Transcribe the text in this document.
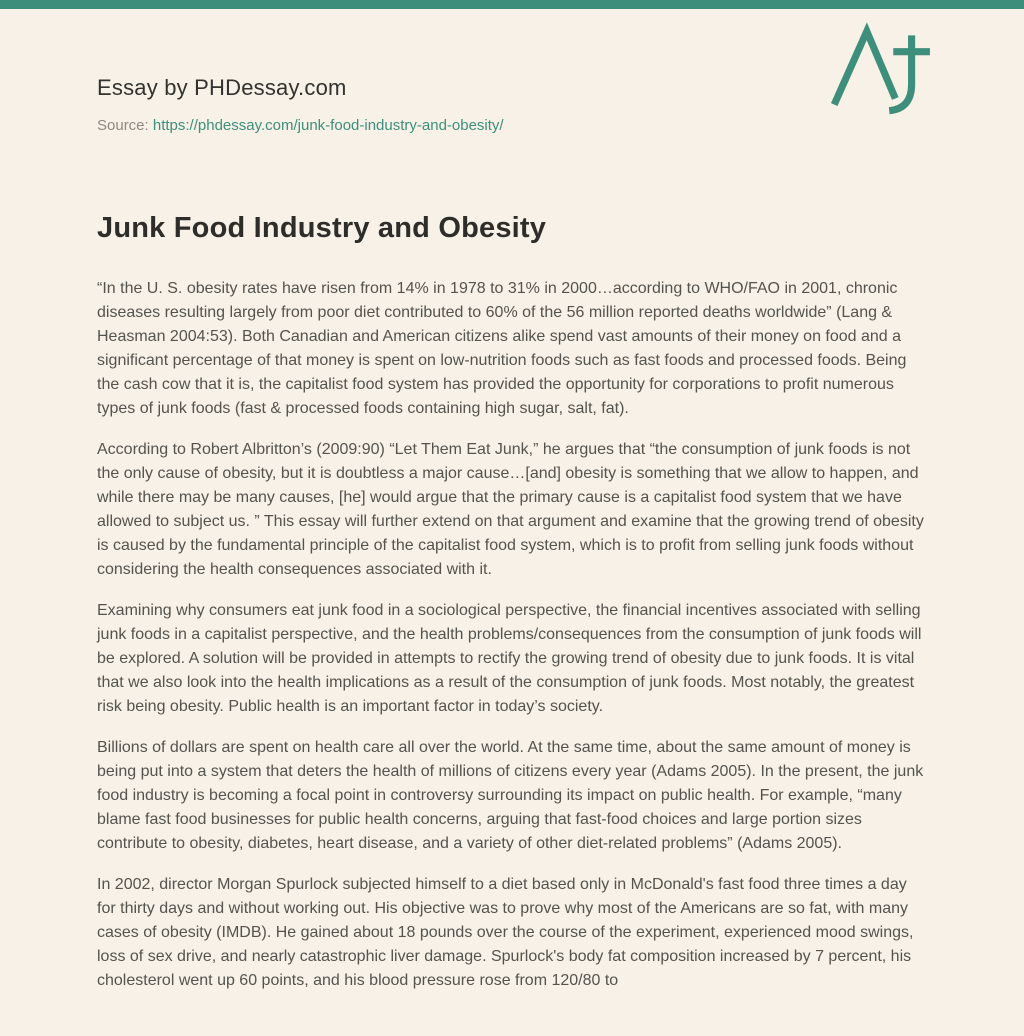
Essay by PHDessay.com
Source: https://phdessay.com/junk-food-industry-and-obesity/
Junk Food Industry and Obesity

“In the U. S. obesity rates have risen from 14% in 1978 to 31% in 2000…according to WHO/FAO in 2001, chronic diseases resulting largely from poor diet contributed to 60% of the 56 million reported deaths worldwide” (Lang & Heasman 2004:53). Both Canadian and American citizens alike spend vast amounts of their money on food and a significant percentage of that money is spent on low-nutrition foods such as fast foods and processed foods. Being the cash cow that it is, the capitalist food system has provided the opportunity for corporations to profit numerous types of junk foods (fast & processed foods containing high sugar, salt, fat).

According to Robert Albritton’s (2009:90) “Let Them Eat Junk,” he argues that “the consumption of junk foods is not the only cause of obesity, but it is doubtless a major cause…[and] obesity is something that we allow to happen, and while there may be many causes, [he] would argue that the primary cause is a capitalist food system that we have allowed to subject us. ” This essay will further extend on that argument and examine that the growing trend of obesity is caused by the fundamental principle of the capitalist food system, which is to profit from selling junk foods without considering the health consequences associated with it.

Examining why consumers eat junk food in a sociological perspective, the financial incentives associated with selling junk foods in a capitalist perspective, and the health problems/consequences from the consumption of junk foods will be explored. A solution will be provided in attempts to rectify the growing trend of obesity due to junk foods. It is vital that we also look into the health implications as a result of the consumption of junk foods. Most notably, the greatest risk being obesity. Public health is an important factor in today’s society.

Billions of dollars are spent on health care all over the world. At the same time, about the same amount of money is being put into a system that deters the health of millions of citizens every year (Adams 2005). In the present, the junk food industry is becoming a focal point in controversy surrounding its impact on public health. For example, “many blame fast food businesses for public health concerns, arguing that fast-food choices and large portion sizes contribute to obesity, diabetes, heart disease, and a variety of other diet-related problems” (Adams 2005).

In 2002, director Morgan Spurlock subjected himself to a diet based only in McDonald's fast food three times a day for thirty days and without working out. His objective was to prove why most of the Americans are so fat, with many cases of obesity (IMDB). He gained about 18 pounds over the course of the experiment, experienced mood swings, loss of sex drive, and nearly catastrophic liver damage. Spurlock's body fat composition increased by 7 percent, his cholesterol went up 60 points, and his blood pressure rose from 120/80 to
